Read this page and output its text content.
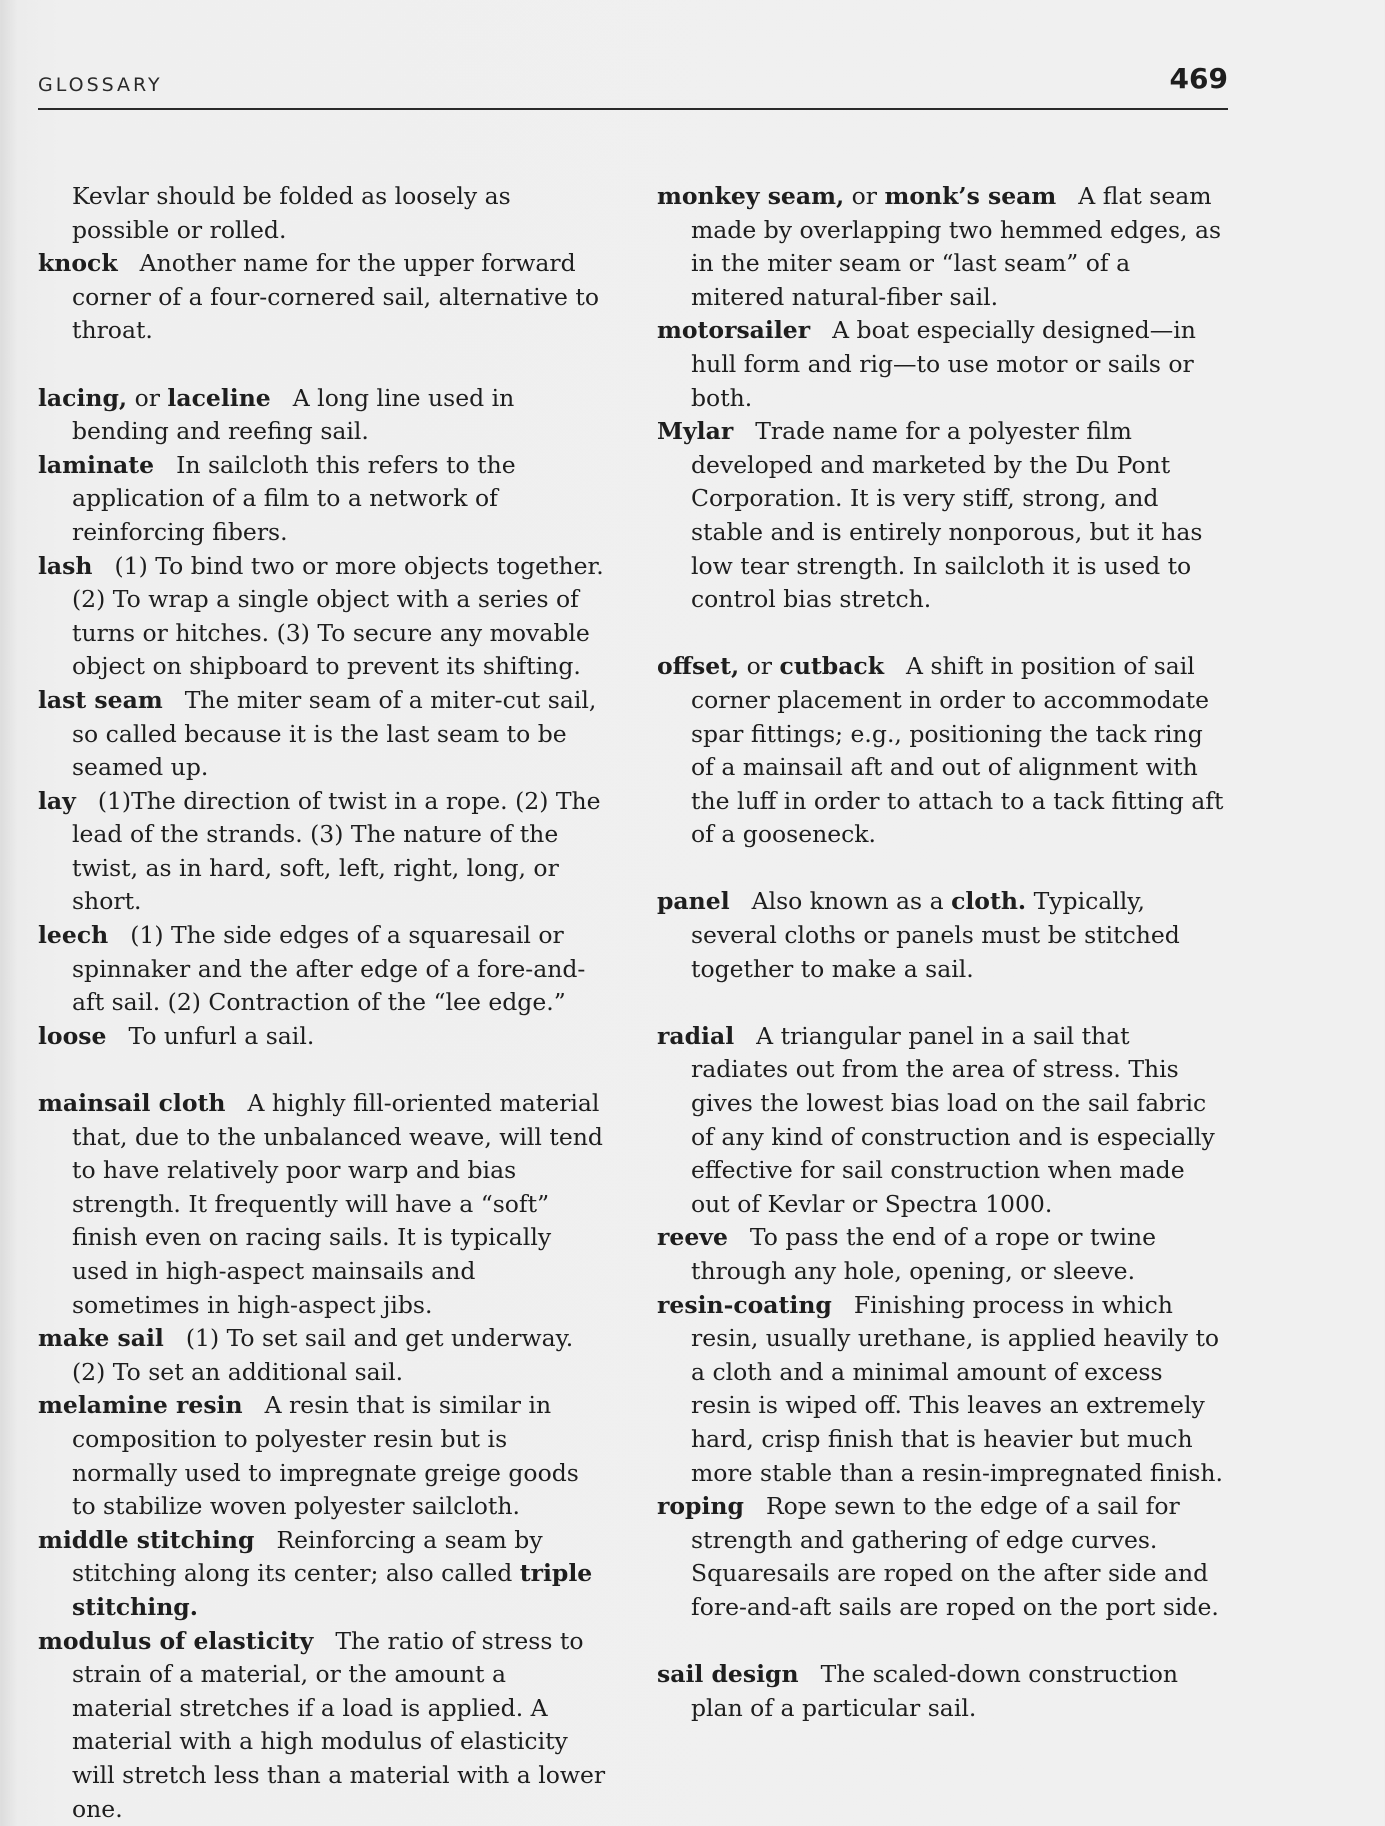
GLOSSARY	469

Kevlar should be folded as loosely as possible or rolled.

knock Another name for the upper forward corner of a four-cornered sail, alternative to throat.

lacing, or laceline A long line used in bending and reefing sail.

laminate In sailcloth this refers to the application of a film to a network of reinforcing fibers.

lash (1) To bind two or more objects together. (2) To wrap a single object with a series of turns or hitches. (3) To secure any movable object on shipboard to prevent its shifting.

last seam The miter seam of a miter-cut sail, so called because it is the last seam to be seamed up.

lay (1)The direction of twist in a rope. (2) The lead of the strands. (3) The nature of the twist, as in hard, soft, left, right, long, or short.

leech (1) The side edges of a squaresail or spinnaker and the after edge of a fore-and-aft sail. (2) Contraction of the “lee edge.”

loose To unfurl a sail.

mainsail cloth A highly fill-oriented material that, due to the unbalanced weave, will tend to have relatively poor warp and bias strength. It frequently will have a “soft” finish even on racing sails. It is typically used in high-aspect mainsails and sometimes in high-aspect jibs.

make sail (1) To set sail and get underway. (2) To set an additional sail.

melamine resin A resin that is similar in composition to polyester resin but is normally used to impregnate greige goods to stabilize woven polyester sailcloth.

middle stitching Reinforcing a seam by stitching along its center; also called triple stitching.

modulus of elasticity The ratio of stress to strain of a material, or the amount a material stretches if a load is applied. A material with a high modulus of elasticity will stretch less than a material with a lower one.

monkey seam, or monk’s seam A flat seam made by overlapping two hemmed edges, as in the miter seam or “last seam” of a mitered natural-fiber sail.

motorsailer A boat especially designed—in hull form and rig—to use motor or sails or both.

Mylar Trade name for a polyester film developed and marketed by the Du Pont Corporation. It is very stiff, strong, and stable and is entirely nonporous, but it has low tear strength. In sailcloth it is used to control bias stretch.

offset, or cutback A shift in position of sail corner placement in order to accommodate spar fittings; e.g., positioning the tack ring of a mainsail aft and out of alignment with the luff in order to attach to a tack fitting aft of a gooseneck.

panel Also known as a cloth. Typically, several cloths or panels must be stitched together to make a sail.

radial A triangular panel in a sail that radiates out from the area of stress. This gives the lowest bias load on the sail fabric of any kind of construction and is especially effective for sail construction when made out of Kevlar or Spectra 1000.

reeve To pass the end of a rope or twine through any hole, opening, or sleeve.

resin-coating Finishing process in which resin, usually urethane, is applied heavily to a cloth and a minimal amount of excess resin is wiped off. This leaves an extremely hard, crisp finish that is heavier but much more stable than a resin-impregnated finish.

roping Rope sewn to the edge of a sail for strength and gathering of edge curves. Squaresails are roped on the after side and fore-and-aft sails are roped on the port side.

sail design The scaled-down construction plan of a particular sail.
